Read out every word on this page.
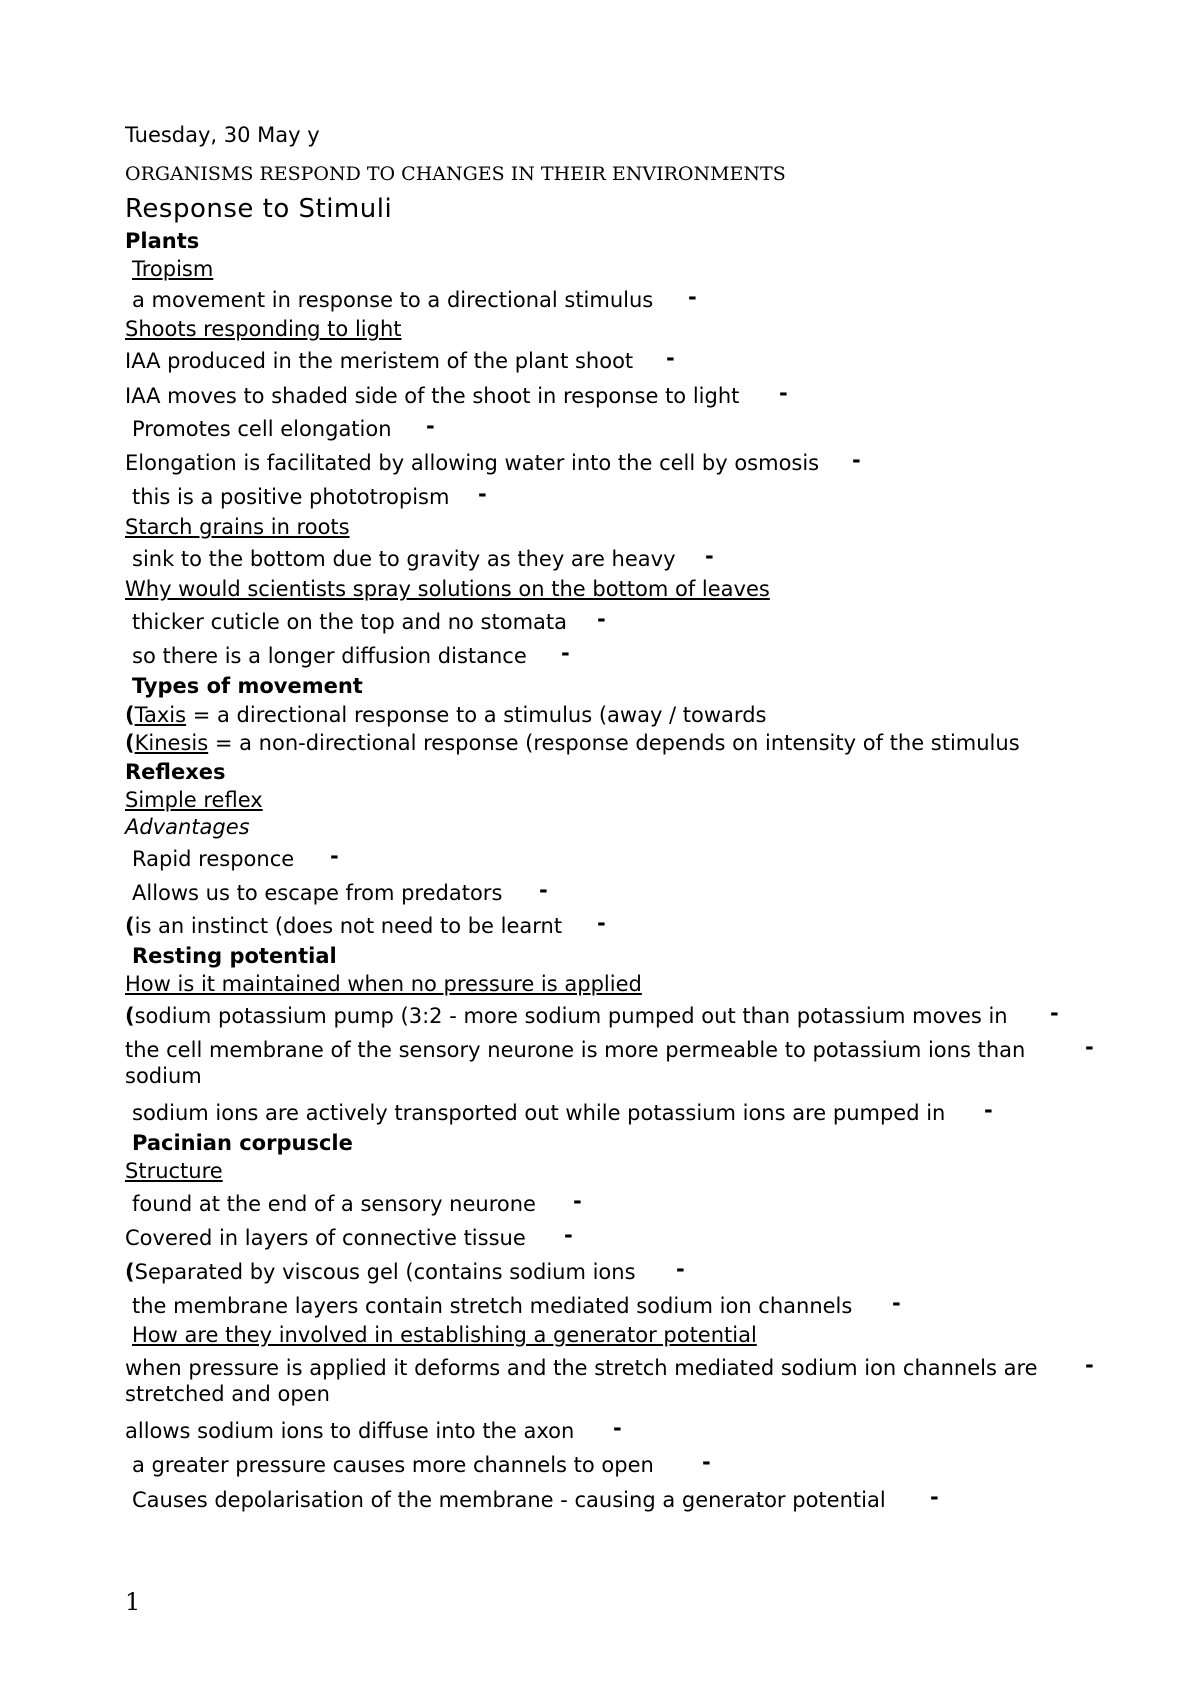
Tuesday, 30 May y
ORGANISMS RESPOND TO CHANGES IN THEIR ENVIRONMENTS
Response to Stimuli
Plants
Tropism
a movement in response to a directional stimulus -
Shoots responding to light
IAA produced in the meristem of the plant shoot -
IAA moves to shaded side of the shoot in response to light -
Promotes cell elongation -
Elongation is facilitated by allowing water into the cell by osmosis -
this is a positive phototropism -
Starch grains in roots
sink to the bottom due to gravity as they are heavy -
Why would scientists spray solutions on the bottom of leaves
thicker cuticle on the top and no stomata -
so there is a longer diffusion distance -
Types of movement
(Taxis = a directional response to a stimulus (away / towards
(Kinesis = a non-directional response (response depends on intensity of the stimulus
Reflexes
Simple reflex
Advantages
Rapid responce -
Allows us to escape from predators -
(is an instinct (does not need to be learnt -
Resting potential
How is it maintained when no pressure is applied
(sodium potassium pump (3:2 - more sodium pumped out than potassium moves in -
the cell membrane of the sensory neurone is more permeable to potassium ions than sodium
-
sodium ions are actively transported out while potassium ions are pumped in -
Pacinian corpuscle
Structure
found at the end of a sensory neurone -
Covered in layers of connective tissue -
(Separated by viscous gel (contains sodium ions -
the membrane layers contain stretch mediated sodium ion channels -
How are they involved in establishing a generator potential
when pressure is applied it deforms and the stretch mediated sodium ion channels are stretched and open
-
allows sodium ions to diffuse into the axon -
a greater pressure causes more channels to open -
Causes depolarisation of the membrane - causing a generator potential -
1
